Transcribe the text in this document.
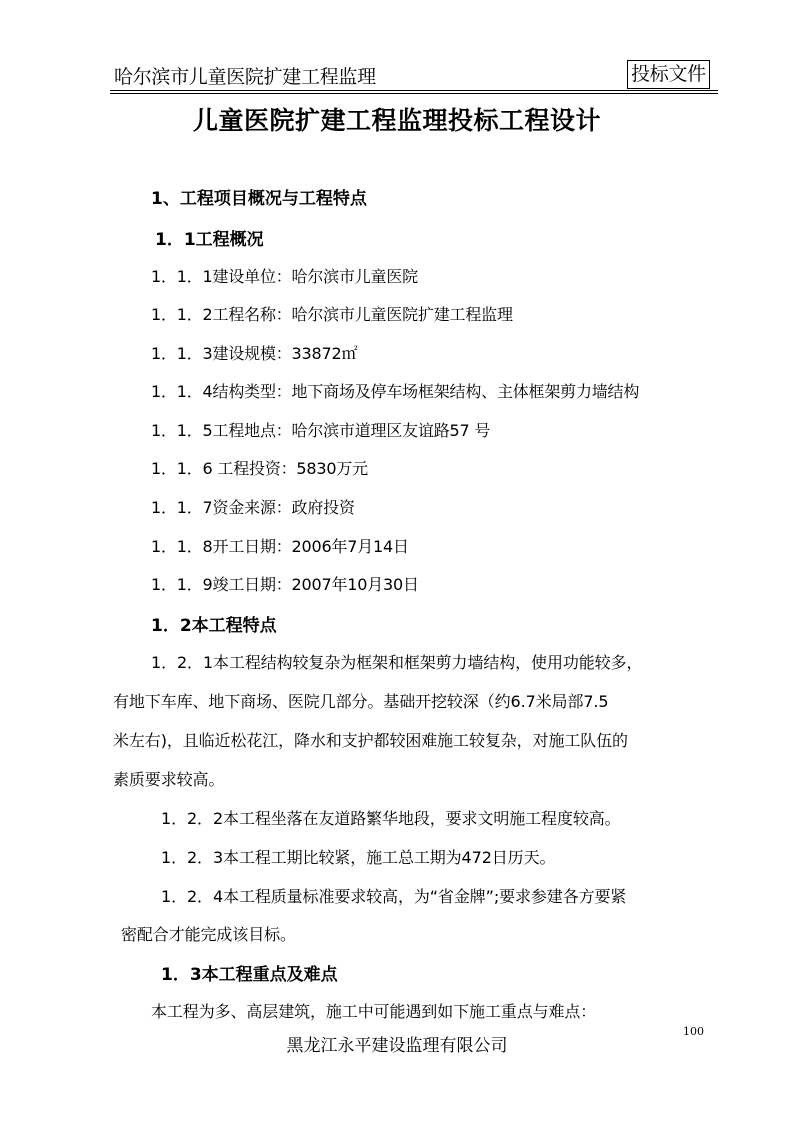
哈尔滨市儿童医院扩建工程监理	投标文件
儿童医院扩建工程监理投标工程设计
1、工程项目概况与工程特点
1．1工程概况
1．1．1建设单位：哈尔滨市儿童医院
1．1．2工程名称：哈尔滨市儿童医院扩建工程监理
1．1．3建设规模：33872㎡
1．1．4结构类型：地下商场及停车场框架结构、主体框架剪力墙结构
1．1．5工程地点：哈尔滨市道理区友谊路57 号
1．1．6 工程投资：5830万元
1．1．7资金来源：政府投资
1．1．8开工日期：2006年7月14日
1．1．9竣工日期：2007年10月30日
1．2本工程特点
1．2．1本工程结构较复杂为框架和框架剪力墙结构，使用功能较多，
有地下车库、地下商场、医院几部分。基础开挖较深（约6.7米局部7.5
米左右)，且临近松花江，降水和支护都较困难施工较复杂，对施工队伍的
素质要求较高。
1．2．2本工程坐落在友道路繁华地段，要求文明施工程度较高。
1．2．3本工程工期比较紧，施工总工期为472日历天。
1．2．4本工程质量标准要求较高，为“省金牌”;要求参建各方要紧
密配合才能完成该目标。
1．3本工程重点及难点
本工程为多、高层建筑，施工中可能遇到如下施工重点与难点：
100
黑龙江永平建设监理有限公司
